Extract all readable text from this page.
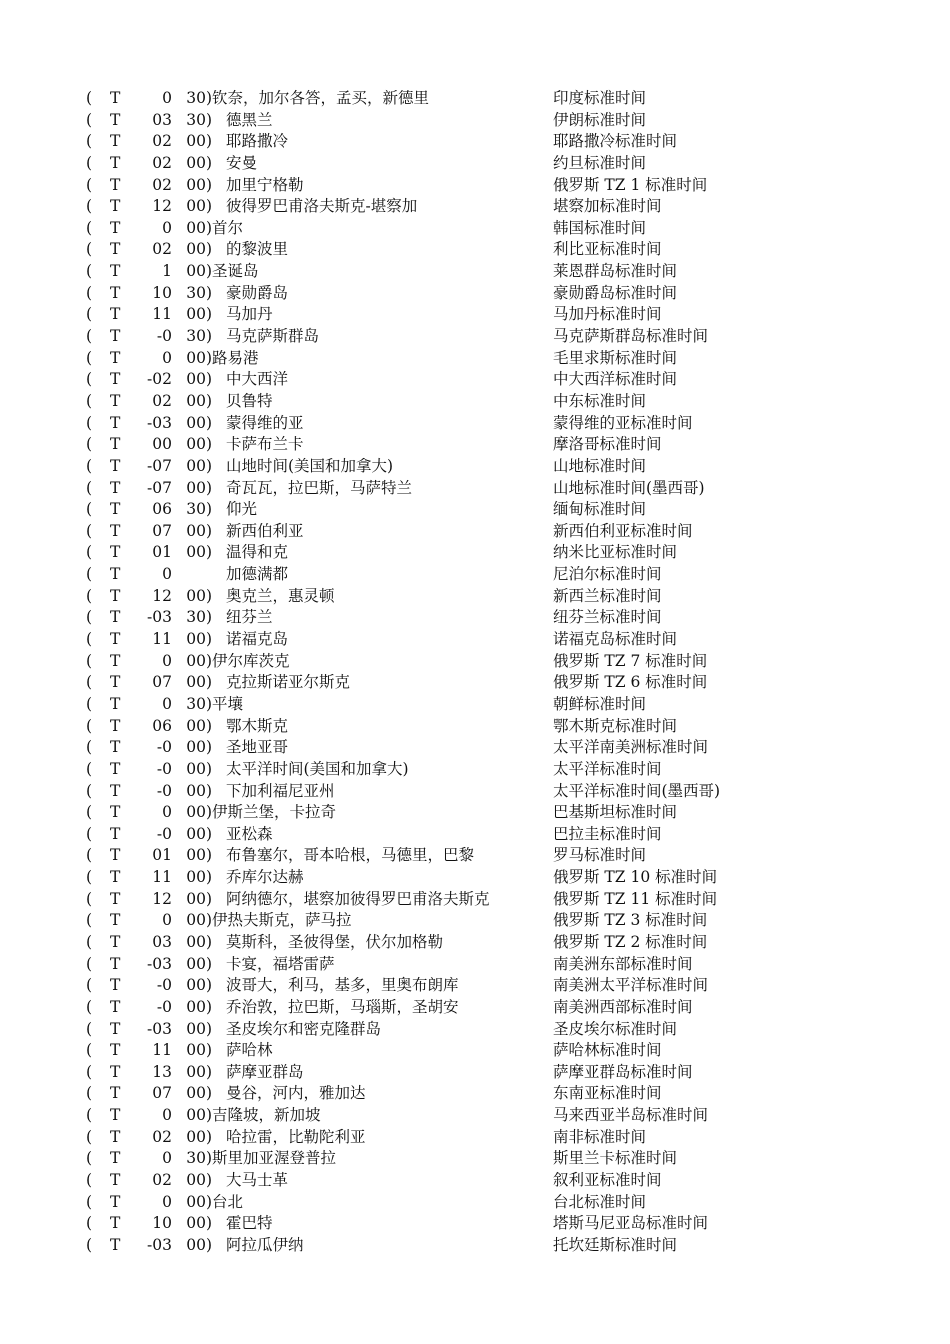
( T	0 30) 钦奈，加尔各答，孟买，新德里	印度标准时间
( T	03 30) 德黑兰	伊朗标准时间
( T	02 00) 耶路撒冷	耶路撒冷标准时间
( T	02 00) 安曼	约旦标准时间
( T	02 00) 加里宁格勒	俄罗斯 TZ 1 标准时间
( T	12 00) 彼得罗巴甫洛夫斯克-堪察加	堪察加标准时间
( T	0 00) 首尔	韩国标准时间
( T	02 00) 的黎波里	利比亚标准时间
( T	1 00) 圣诞岛	莱恩群岛标准时间
( T	10 30) 豪勋爵岛	豪勋爵岛标准时间
( T	11 00) 马加丹	马加丹标准时间
( T	-0 30) 马克萨斯群岛	马克萨斯群岛标准时间
( T	0 00) 路易港	毛里求斯标准时间
( T	-02 00) 中大西洋	中大西洋标准时间
( T	02 00) 贝鲁特	中东标准时间
( T	-03 00) 蒙得维的亚	蒙得维的亚标准时间
( T	00 00) 卡萨布兰卡	摩洛哥标准时间
( T	-07 00) 山地时间(美国和加拿大)	山地标准时间
( T	-07 00) 奇瓦瓦，拉巴斯，马萨特兰	山地标准时间(墨西哥)
( T	06 30) 仰光	缅甸标准时间
( T	07 00) 新西伯利亚	新西伯利亚标准时间
( T	01 00) 温得和克	纳米比亚标准时间
( T	0	加德满都	尼泊尔标准时间
( T	12 00) 奥克兰，惠灵顿	新西兰标准时间
( T	-03 30) 纽芬兰	纽芬兰标准时间
( T	11 00) 诺福克岛	诺福克岛标准时间
( T	0 00) 伊尔库茨克	俄罗斯 TZ 7 标准时间
( T	07 00) 克拉斯诺亚尔斯克	俄罗斯 TZ 6 标准时间
( T	0 30) 平壤	朝鲜标准时间
( T	06 00) 鄂木斯克	鄂木斯克标准时间
( T	-0 00) 圣地亚哥	太平洋南美洲标准时间
( T	-0 00) 太平洋时间(美国和加拿大)	太平洋标准时间
( T	-0 00) 下加利福尼亚州	太平洋标准时间(墨西哥)
( T	0 00) 伊斯兰堡，卡拉奇	巴基斯坦标准时间
( T	-0 00) 亚松森	巴拉圭标准时间
( T	01 00) 布鲁塞尔，哥本哈根，马德里，巴黎	罗马标准时间
( T	11 00) 乔库尔达赫	俄罗斯 TZ 10 标准时间
( T	12 00) 阿纳德尔，堪察加彼得罗巴甫洛夫斯克	俄罗斯 TZ 11 标准时间
( T	0 00) 伊热夫斯克，萨马拉	俄罗斯 TZ 3 标准时间
( T	03 00) 莫斯科，圣彼得堡，伏尔加格勒	俄罗斯 TZ 2 标准时间
( T	-03 00) 卡宴，福塔雷萨	南美洲东部标准时间
( T	-0 00) 波哥大，利马，基多，里奥布朗库	南美洲太平洋标准时间
( T	-0 00) 乔治敦，拉巴斯，马瑙斯，圣胡安	南美洲西部标准时间
( T	-03 00) 圣皮埃尔和密克隆群岛	圣皮埃尔标准时间
( T	11 00) 萨哈林	萨哈林标准时间
( T	13 00) 萨摩亚群岛	萨摩亚群岛标准时间
( T	07 00) 曼谷，河内，雅加达	东南亚标准时间
( T	0 00) 吉隆坡，新加坡	马来西亚半岛标准时间
( T	02 00) 哈拉雷，比勒陀利亚	南非标准时间
( T	0 30) 斯里加亚渥登普拉	斯里兰卡标准时间
( T	02 00) 大马士革	叙利亚标准时间
( T	0 00) 台北	台北标准时间
( T	10 00) 霍巴特	塔斯马尼亚岛标准时间
( T	-03 00) 阿拉瓜伊纳	托坎廷斯标准时间
